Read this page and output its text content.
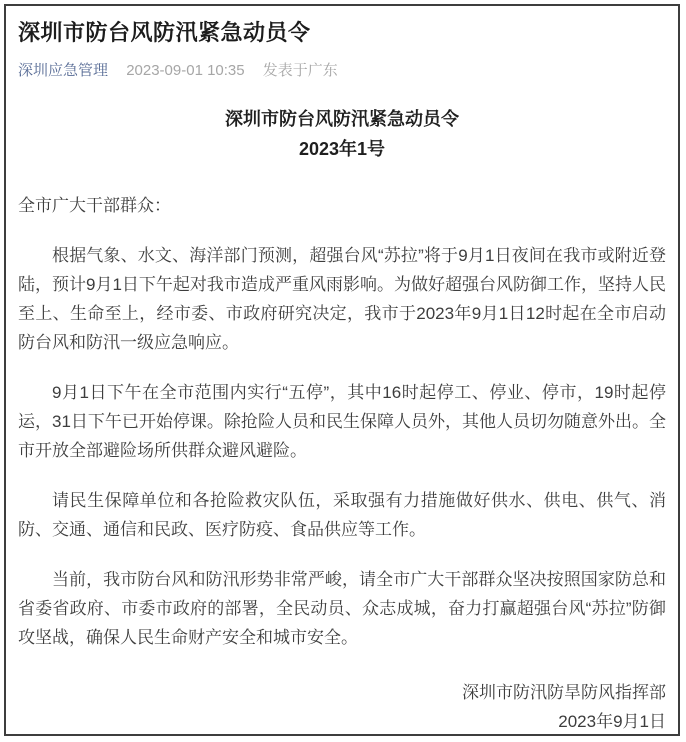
深圳市防台风防汛紧急动员令
深圳应急管理 2023-09-01 10:35 发表于广东
深圳市防台风防汛紧急动员令
2023年1号
全市广大干部群众：

根据气象、水文、海洋部门预测，超强台风“苏拉”将于9月1日夜间在我市或附近登陆，预计9月1日下午起对我市造成严重风雨影响。为做好超强台风防御工作，坚持人民至上、生命至上，经市委、市政府研究决定，我市于2023年9月1日12时起在全市启动防台风和防汛一级应急响应。

9月1日下午在全市范围内实行“五停”，其中16时起停工、停业、停市，19时起停运，31日下午已开始停课。除抢险人员和民生保障人员外，其他人员切勿随意外出。全市开放全部避险场所供群众避风避险。

请民生保障单位和各抢险救灾队伍，采取强有力措施做好供水、供电、供气、消防、交通、通信和民政、医疗防疫、食品供应等工作。

当前，我市防台风和防汛形势非常严峻，请全市广大干部群众坚决按照国家防总和省委省政府、市委市政府的部署，全民动员、众志成城，奋力打赢超强台风“苏拉”防御攻坚战，确保人民生命财产安全和城市安全。

深圳市防汛防旱防风指挥部
2023年9月1日
